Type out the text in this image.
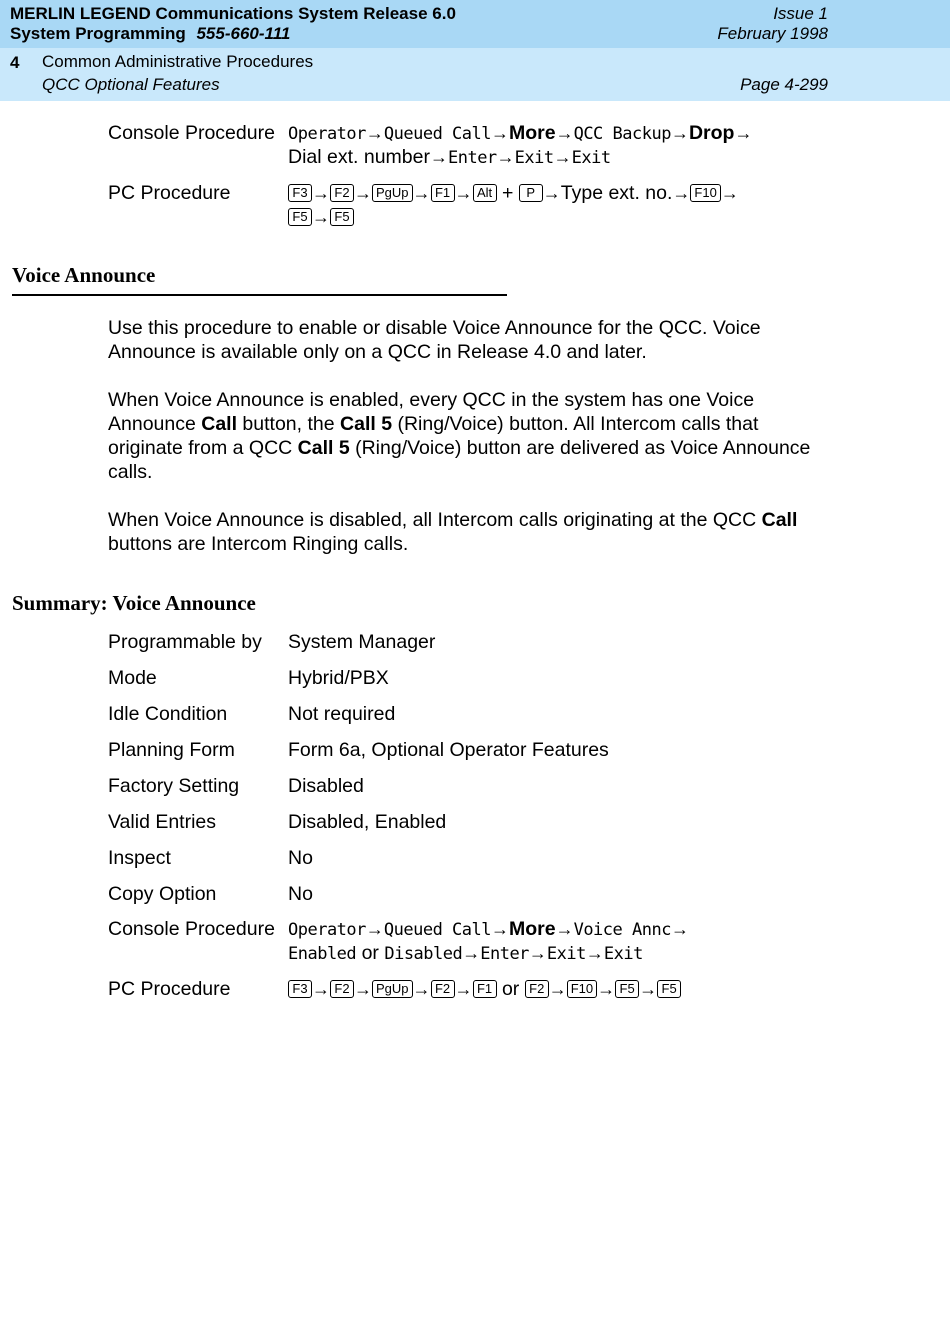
MERLIN LEGEND Communications System Release 6.0
System Programming 555-660-111
Issue 1
February 1998
4 Common Administrative Procedures
QCC Optional Features	Page 4-299
Console Procedure Operator→Queued Call→More→QCC Backup→Drop→
Dial ext. number→Enter→Exit→Exit
PC Procedure	F3 → F2 → PgUp → F1 → Alt + P →Type ext. no.→ F10 →
F5 → F5
Voice Announce
Use this procedure to enable or disable Voice Announce for the QCC. Voice Announce is available only on a QCC in Release 4.0 and later.
When Voice Announce is enabled, every QCC in the system has one Voice Announce Call button, the Call 5 (Ring/Voice) button. All Intercom calls that originate from a QCC Call 5 (Ring/Voice) button are delivered as Voice Announce calls.
When Voice Announce is disabled, all Intercom calls originating at the QCC Call buttons are Intercom Ringing calls.
Summary: Voice Announce
Programmable by System Manager
Mode	Hybrid/PBX
Idle Condition	Not required
Planning Form	Form 6a, Optional Operator Features
Factory Setting	Disabled
Valid Entries	Disabled, Enabled
Inspect	No
Copy Option	No
Console Procedure Operator→Queued Call→More→Voice Annc→
Enabled or Disabled→Enter→Exit→Exit
PC Procedure	F3 → F2 → PgUp → F2 → F1 or F2 → F10 → F5 → F5
